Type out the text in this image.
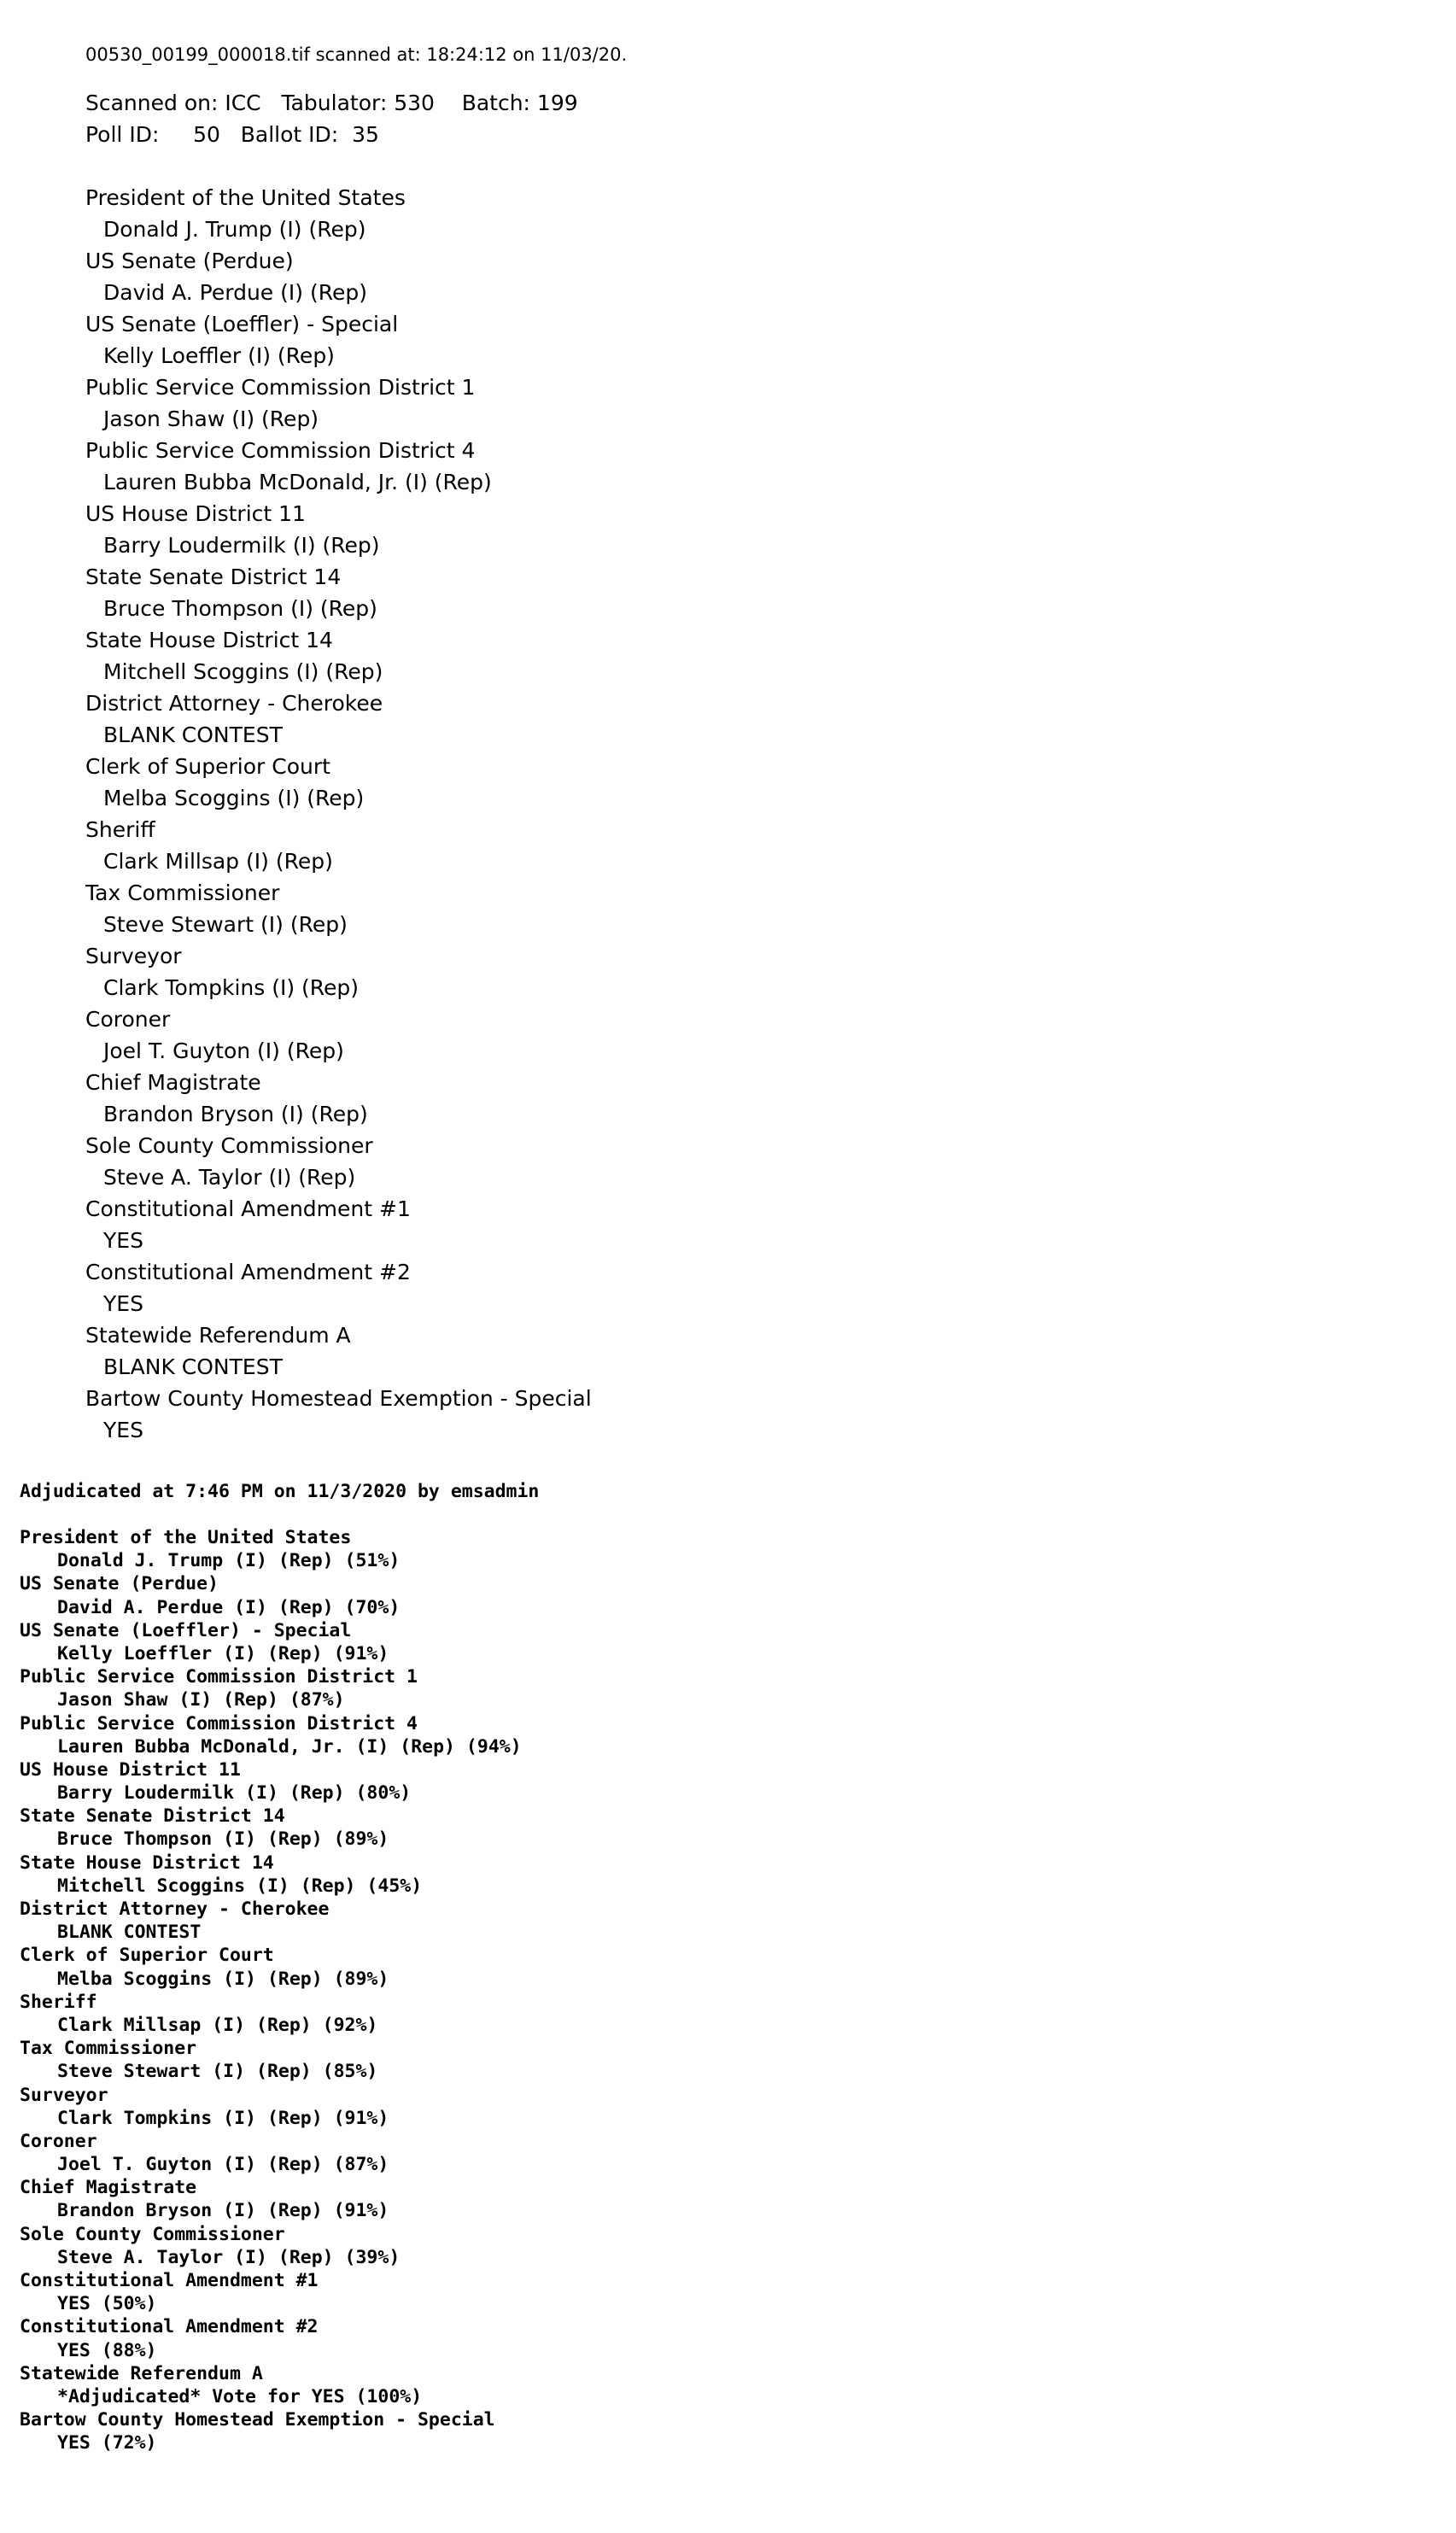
00530_00199_000018.tif scanned at: 18:24:12 on 11/03/20.
Scanned on: ICC   Tabulator: 530    Batch: 199
Poll ID:     50   Ballot ID:  35
President of the United States
Donald J. Trump (I) (Rep)
US Senate (Perdue)
David A. Perdue (I) (Rep)
US Senate (Loeffler) - Special
Kelly Loeffler (I) (Rep)
Public Service Commission District 1
Jason Shaw (I) (Rep)
Public Service Commission District 4
Lauren Bubba McDonald, Jr. (I) (Rep)
US House District 11
Barry Loudermilk (I) (Rep)
State Senate District 14
Bruce Thompson (I) (Rep)
State House District 14
Mitchell Scoggins (I) (Rep)
District Attorney - Cherokee
BLANK CONTEST
Clerk of Superior Court
Melba Scoggins (I) (Rep)
Sheriff
Clark Millsap (I) (Rep)
Tax Commissioner
Steve Stewart (I) (Rep)
Surveyor
Clark Tompkins (I) (Rep)
Coroner
Joel T. Guyton (I) (Rep)
Chief Magistrate
Brandon Bryson (I) (Rep)
Sole County Commissioner
Steve A. Taylor (I) (Rep)
Constitutional Amendment #1
YES
Constitutional Amendment #2
YES
Statewide Referendum A
BLANK CONTEST
Bartow County Homestead Exemption - Special
YES
Adjudicated at 7:46 PM on 11/3/2020 by emsadmin
President of the United States
Donald J. Trump (I) (Rep) (51%)
US Senate (Perdue)
David A. Perdue (I) (Rep) (70%)
US Senate (Loeffler) - Special
Kelly Loeffler (I) (Rep) (91%)
Public Service Commission District 1
Jason Shaw (I) (Rep) (87%)
Public Service Commission District 4
Lauren Bubba McDonald, Jr. (I) (Rep) (94%)
US House District 11
Barry Loudermilk (I) (Rep) (80%)
State Senate District 14
Bruce Thompson (I) (Rep) (89%)
State House District 14
Mitchell Scoggins (I) (Rep) (45%)
District Attorney - Cherokee
BLANK CONTEST
Clerk of Superior Court
Melba Scoggins (I) (Rep) (89%)
Sheriff
Clark Millsap (I) (Rep) (92%)
Tax Commissioner
Steve Stewart (I) (Rep) (85%)
Surveyor
Clark Tompkins (I) (Rep) (91%)
Coroner
Joel T. Guyton (I) (Rep) (87%)
Chief Magistrate
Brandon Bryson (I) (Rep) (91%)
Sole County Commissioner
Steve A. Taylor (I) (Rep) (39%)
Constitutional Amendment #1
YES (50%)
Constitutional Amendment #2
YES (88%)
Statewide Referendum A
*Adjudicated* Vote for YES (100%)
Bartow County Homestead Exemption - Special
YES (72%)
